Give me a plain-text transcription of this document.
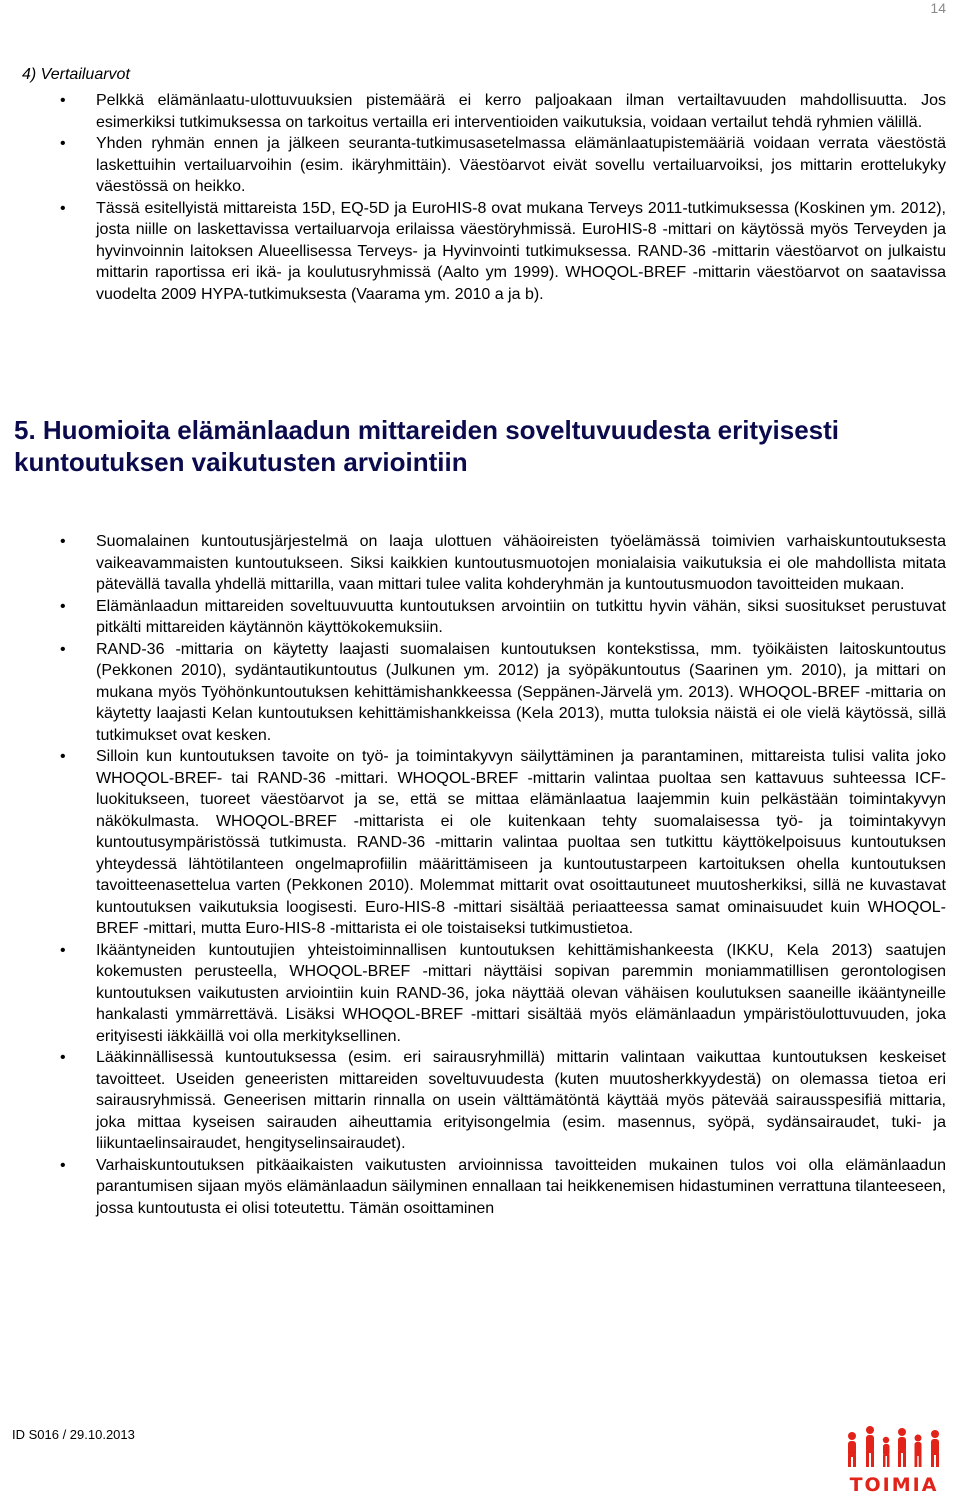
14
4) Vertailuarvot
• Pelkkä elämänlaatu-ulottuvuuksien pistemäärä ei kerro paljoakaan ilman vertailtavuuden mahdollisuutta. Jos esimerkiksi tutkimuksessa on tarkoitus vertailla eri interventioiden vaikutuksia, voidaan vertailut tehdä ryhmien välillä.
• Yhden ryhmän ennen ja jälkeen seuranta-tutkimusasetelmassa elämänlaatupistemääriä voidaan verrata väestöstä laskettuihin vertailuarvoihin (esim. ikäryhmittäin). Väestöarvot eivät sovellu vertailuarvoiksi, jos mittarin erottelukyky väestössä on heikko.
• Tässä esitellyistä mittareista 15D, EQ-5D ja EuroHIS-8 ovat mukana Terveys 2011-tutkimuksessa (Koskinen ym. 2012), josta niille on laskettavissa vertailuarvoja erilaissa väestöryhmissä. EuroHIS-8 -mittari on käytössä myös Terveyden ja hyvinvoinnin laitoksen Alueellisessa Terveys- ja Hyvinvointi tutkimuksessa. RAND-36 -mittarin väestöarvot on julkaistu mittarin raportissa eri ikä- ja koulutusryhmissä (Aalto ym 1999). WHOQOL-BREF -mittarin väestöarvot on saatavissa vuodelta 2009 HYPA-tutkimuksesta (Vaarama ym. 2010 a ja b).
5. Huomioita elämänlaadun mittareiden soveltuvuudesta erityisesti kuntoutuksen vaikutusten arviointiin
• Suomalainen kuntoutusjärjestelmä on laaja ulottuen vähäoireisten työelämässä toimivien varhaiskuntoutuksesta vaikeavammaisten kuntoutukseen. Siksi kaikkien kuntoutusmuotojen monialaisia vaikutuksia ei ole mahdollista mitata pätevällä tavalla yhdellä mittarilla, vaan mittari tulee valita kohderyhmän ja kuntoutusmuodon tavoitteiden mukaan.
• Elämänlaadun mittareiden soveltuuvuutta kuntoutuksen arvointiin on tutkittu hyvin vähän, siksi suositukset perustuvat pitkälti mittareiden käytännön käyttökokemuksiin.
• RAND-36 -mittaria on käytetty laajasti suomalaisen kuntoutuksen kontekstissa, mm. työikäisten laitoskuntoutus (Pekkonen 2010), sydäntautikuntoutus (Julkunen ym. 2012) ja syöpäkuntoutus (Saarinen ym. 2010), ja mittari on mukana myös Työhönkuntoutuksen kehittämishankkeessa (Seppänen-Järvelä ym. 2013). WHOQOL-BREF -mittaria on käytetty laajasti Kelan kuntoutuksen kehittämishankkeissa (Kela 2013), mutta tuloksia näistä ei ole vielä käytössä, sillä tutkimukset ovat kesken.
• Silloin kun kuntoutuksen tavoite on työ- ja toimintakyvyn säilyttäminen ja parantaminen, mittareista tulisi valita joko WHOQOL-BREF- tai RAND-36 -mittari. WHOQOL-BREF -mittarin valintaa puoltaa sen kattavuus suhteessa ICF-luokitukseen, tuoreet väestöarvot ja se, että se mittaa elämänlaatua laajemmin kuin pelkästään toimintakyvyn näkökulmasta. WHOQOL-BREF -mittarista ei ole kuitenkaan tehty suomalaisessa työ- ja toimintakyvyn kuntoutusympäristössä tutkimusta. RAND-36 -mittarin valintaa puoltaa sen tutkittu käyttökelpoisuus kuntoutuksen yhteydessä lähtötilanteen ongelmaprofiilin määrittämiseen ja kuntoutustarpeen kartoituksen ohella kuntoutuksen tavoitteenasettelua varten (Pekkonen 2010). Molemmat mittarit ovat osoittautuneet muutosherkiksi, sillä ne kuvastavat kuntoutuksen vaikutuksia loogisesti. Euro-HIS-8 -mittari sisältää periaatteessa samat ominaisuudet kuin WHOQOL-BREF -mittari, mutta Euro-HIS-8 -mittarista ei ole toistaiseksi tutkimustietoa.
• Ikääntyneiden kuntoutujien yhteistoiminnallisen kuntoutuksen kehittämishankeesta (IKKU, Kela 2013) saatujen kokemusten perusteella, WHOQOL-BREF -mittari näyttäisi sopivan paremmin moniammatillisen gerontologisen kuntoutuksen vaikutusten arviointiin kuin RAND-36, joka näyttää olevan vähäisen koulutuksen saaneille ikääntyneille hankalasti ymmärrettävä. Lisäksi WHOQOL-BREF -mittari sisältää myös elämänlaadun ympäristöulottuvuuden, joka erityisesti iäkkäillä voi olla merkityksellinen.
• Lääkinnällisessä kuntoutuksessa (esim. eri sairausryhmillä) mittarin valintaan vaikuttaa kuntoutuksen keskeiset tavoitteet. Useiden geneeristen mittareiden soveltuvuudesta (kuten muutosherkkyydestä) on olemassa tietoa eri sairausryhmissä. Geneerisen mittarin rinnalla on usein välttämätöntä käyttää myös pätevää sairausspesifiä mittaria, joka mittaa kyseisen sairauden aiheuttamia erityisongelmia (esim. masennus, syöpä, sydänsairaudet, tuki- ja liikuntaelinsairaudet, hengityselinsairaudet).
• Varhaiskuntoutuksen pitkäaikaisten vaikutusten arvioinnissa tavoitteiden mukainen tulos voi olla elämänlaadun parantumisen sijaan myös elämänlaadun säilyminen ennallaan tai heikkenemisen hidastuminen verrattuna tilanteeseen, jossa kuntoutusta ei olisi toteutettu. Tämän osoittaminen
ID S016 / 29.10.2013
TOIMIA
